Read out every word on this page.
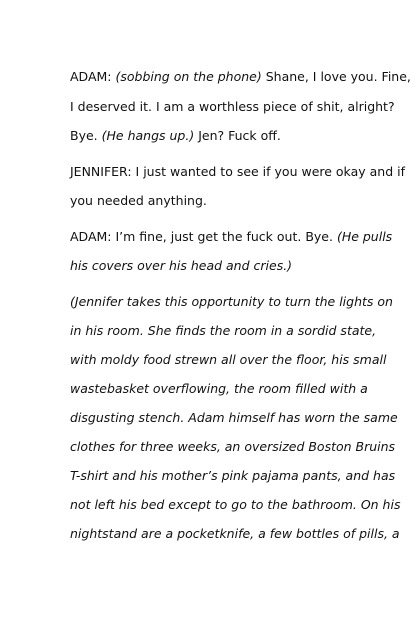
ADAM: (sobbing on the phone) Shane, I love you. Fine,
I deserved it. I am a worthless piece of shit, alright?
Bye. (He hangs up.) Jen? Fuck off.
JENNIFER: I just wanted to see if you were okay and if
you needed anything.
ADAM: I’m fine, just get the fuck out. Bye. (He pulls
his covers over his head and cries.)
(Jennifer takes this opportunity to turn the lights on
in his room. She finds the room in a sordid state,
with moldy food strewn all over the floor, his small
wastebasket overflowing, the room filled with a
disgusting stench. Adam himself has worn the same
clothes for three weeks, an oversized Boston Bruins
T-shirt and his mother’s pink pajama pants, and has
not left his bed except to go to the bathroom. On his
nightstand are a pocketknife, a few bottles of pills, a
